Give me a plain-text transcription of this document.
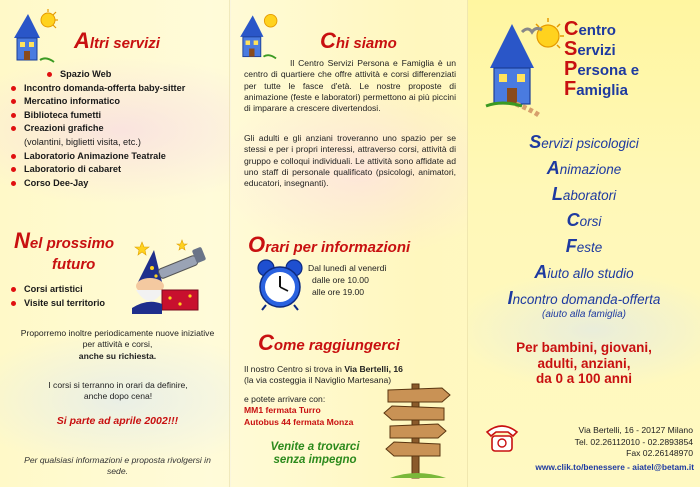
Altri servizi
Spazio Web
Incontro domanda-offerta baby-sitter
Mercatino informatico
Biblioteca fumetti
Creazioni grafiche
(volantini, biglietti visita, etc.)
Laboratorio Animazione Teatrale
Laboratorio di cabaret
Corso Dee-Jay
Nel prossimo
futuro
Corsi artistici
Visite sul territorio
Proporremo inoltre periodicamente nuove iniziative per attività e corsi,
anche su richiesta.
I corsi si terranno in orari da definire,
anche dopo cena!
Si parte ad aprile 2002!!!
Per qualsiasi informazioni e proposta rivolgersi in sede.
Chi siamo
Il Centro Servizi Persona e Famiglia è un centro di quartiere che offre attività e corsi differenziati per tutte le fasce d'età. Le nostre proposte di animazione (feste e laboratori) permettono ai più piccini di imparare a crescere divertendosi.
Gli adulti e gli anziani troveranno uno spazio per se stessi e per i propri interessi, attraverso corsi, attività di gruppo e colloqui individuali. Le attività sono affidate ad uno staff di personale qualificato (psicologi, animatori, educatori, insegnanti).
Orari per informazioni
Dal lunedì al venerdì
dalle ore 10.00
alle ore 19.00
Come raggiungerci
Il nostro Centro si trova in Via Bertelli, 16
(la via costeggia il Naviglio Martesana)
e potete arrivare con:
MM1 fermata Turro
Autobus 44 fermata Monza
Venite a trovarci
senza impegno
Centro
Servizi
Persona e
Famiglia
Servizi psicologici
Animazione
Laboratori
Corsi
Feste
Aiuto allo studio
Incontro domanda-offerta
(aiuto alla famiglia)
Per bambini, giovani,
adulti, anziani,
da 0 a 100 anni
Via Bertelli, 16 - 20127 Milano
Tel. 02.26112010 - 02.2893854
Fax 02.26148970
www.clik.to/benessere - aiatel@betam.it
